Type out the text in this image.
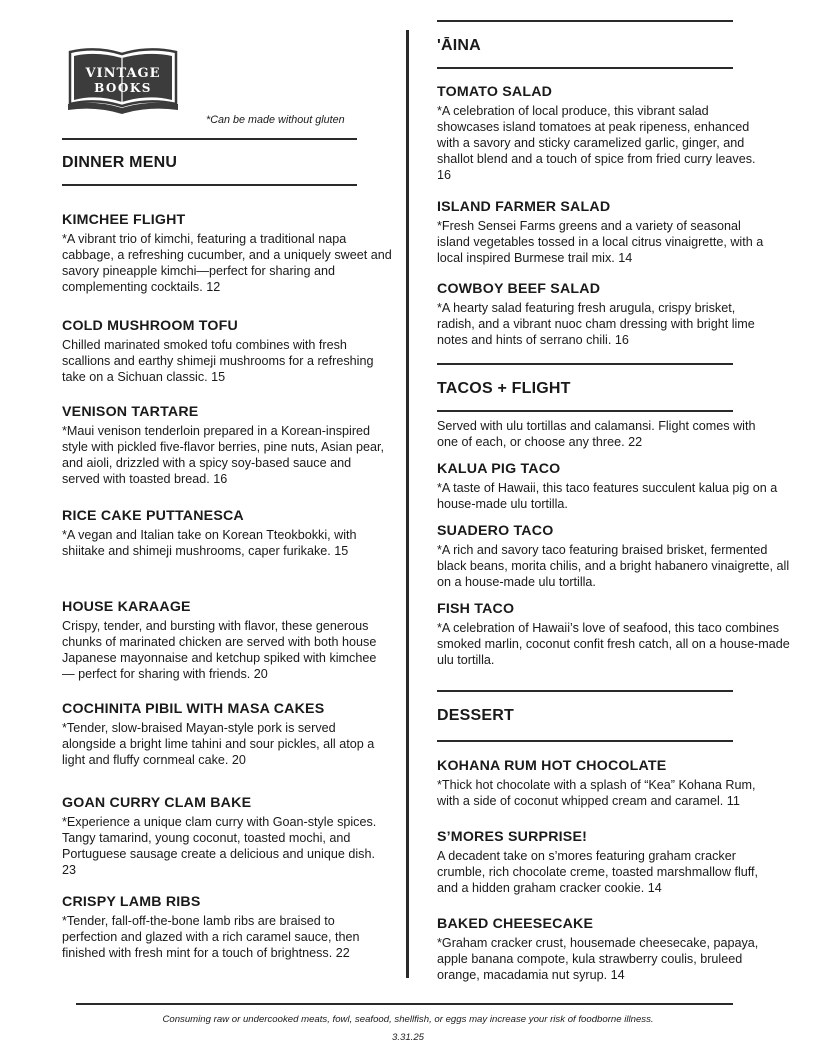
VINTAGE
BOOKS
*Can be made without gluten
DINNER MENU
KIMCHEE FLIGHT

*A vibrant trio of kimchi, featuring a traditional napa cabbage, a refreshing cucumber, and a uniquely sweet and savory pineapple kimchi—perfect for sharing and complementing cocktails. 12

COLD MUSHROOM TOFU

Chilled marinated smoked tofu combines with fresh scallions and earthy shimeji mushrooms for a refreshing take on a Sichuan classic. 15

VENISON TARTARE

*Maui venison tenderloin prepared in a Korean-inspired style with pickled five-flavor berries, pine nuts, Asian pear, and aioli, drizzled with a spicy soy-based sauce and served with toasted bread. 16

RICE CAKE PUTTANESCA

*A vegan and Italian take on Korean Tteokbokki, with shiitake and shimeji mushrooms, caper furikake. 15

HOUSE KARAAGE

Crispy, tender, and bursting with flavor, these generous chunks of marinated chicken are served with both house Japanese mayonnaise and ketchup spiked with kimchee — perfect for sharing with friends. 20

COCHINITA PIBIL WITH MASA CAKES

*Tender, slow-braised Mayan-style pork is served alongside a bright lime tahini and sour pickles, all atop a light and fluffy cornmeal cake. 20

GOAN CURRY CLAM BAKE

*Experience a unique clam curry with Goan-style spices. Tangy tamarind, young coconut, toasted mochi, and Portuguese sausage create a delicious and unique dish. 23

CRISPY LAMB RIBS

*Tender, fall-off-the-bone lamb ribs are braised to perfection and glazed with a rich caramel sauce, then finished with fresh mint for a touch of brightness. 22

'ĀINA
TOMATO SALAD

*A celebration of local produce, this vibrant salad showcases island tomatoes at peak ripeness, enhanced with a savory and sticky caramelized garlic, ginger, and shallot blend and a touch of spice from fried curry leaves. 16

ISLAND FARMER SALAD

*Fresh Sensei Farms greens and a variety of seasonal island vegetables tossed in a local citrus vinaigrette, with a local inspired Burmese trail mix. 14

COWBOY BEEF SALAD

*A hearty salad featuring fresh arugula, crispy brisket, radish, and a vibrant nuoc cham dressing with bright lime notes and hints of serrano chili. 16

TACOS + FLIGHT

Served with ulu tortillas and calamansi. Flight comes with one of each, or choose any three. 22

KALUA PIG TACO

*A taste of Hawaii, this taco features succulent kalua pig on a house-made ulu tortilla.

SUADERO TACO

*A rich and savory taco featuring braised brisket, fermented black beans, morita chilis, and a bright habanero vinaigrette, all on a house-made ulu tortilla.

FISH TACO

*A celebration of Hawaii’s love of seafood, this taco combines smoked marlin, coconut confit fresh catch, all on a house-made ulu tortilla.

DESSERT
KOHANA RUM HOT CHOCOLATE

*Thick hot chocolate with a splash of “Kea” Kohana Rum, with a side of coconut whipped cream and caramel. 11

S’MORES SURPRISE!

A decadent take on s’mores featuring graham cracker crumble, rich chocolate creme, toasted marshmallow fluff, and a hidden graham cracker cookie. 14

BAKED CHEESECAKE

*Graham cracker crust, housemade cheesecake, papaya, apple banana compote, kula strawberry coulis, bruleed orange, macadamia nut syrup. 14

Consuming raw or undercooked meats, fowl, seafood, shellfish, or eggs may increase your risk of foodborne illness.
3.31.25
